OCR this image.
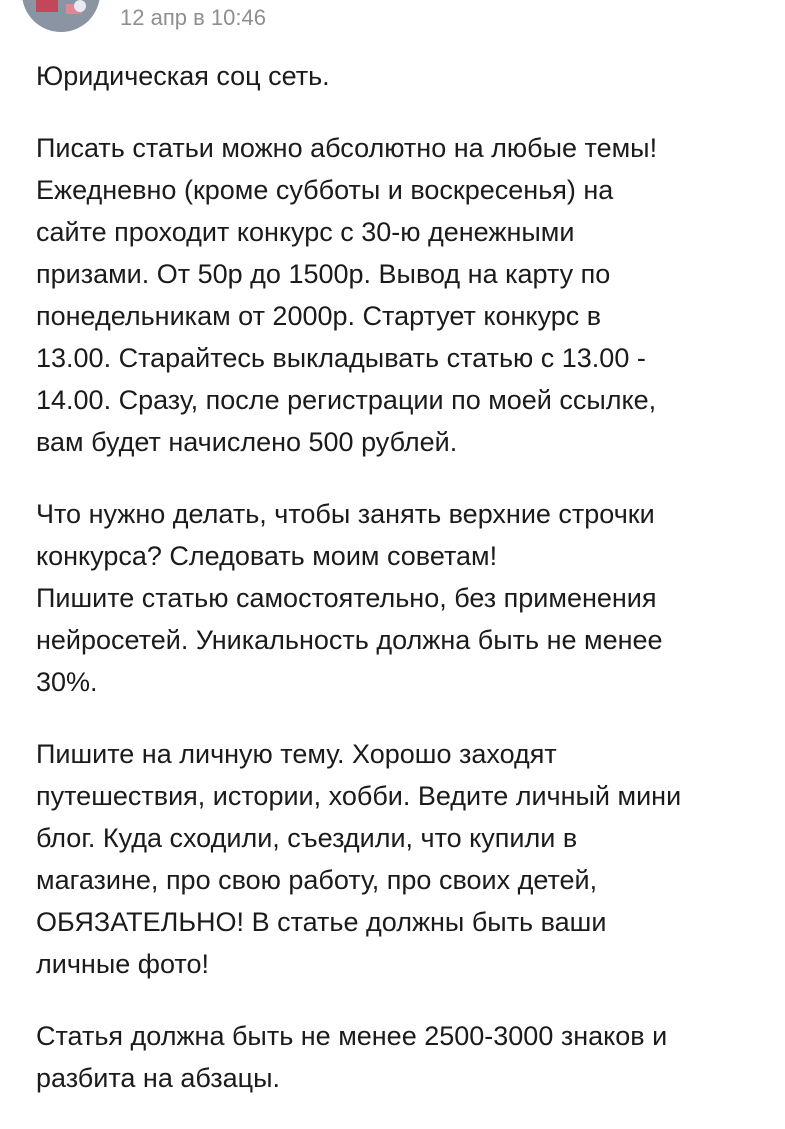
12 апр в 10:46

Юридическая соц сеть.

Писать статьи можно абсолютно на любые темы!
Ежедневно (кроме субботы и воскресенья) на
сайте проходит конкурс с 30-ю денежными
призами. От 50р до 1500р. Вывод на карту по
понедельникам от 2000р. Стартует конкурс в
13.00. Старайтесь выкладывать статью с 13.00 -
14.00. Сразу, после регистрации по моей ссылке,
вам будет начислено 500 рублей.

Что нужно делать, чтобы занять верхние строчки
конкурса? Следовать моим советам!
Пишите статью самостоятельно, без применения
нейросетей. Уникальность должна быть не менее
30%.

Пишите на личную тему. Хорошо заходят
путешествия, истории, хобби. Ведите личный мини
блог. Куда сходили, съездили, что купили в
магазине, про свою работу, про своих детей,
ОБЯЗАТЕЛЬНО! В статье должны быть ваши
личные фото!

Статья должна быть не менее 2500-3000 знаков и
разбита на абзацы.
